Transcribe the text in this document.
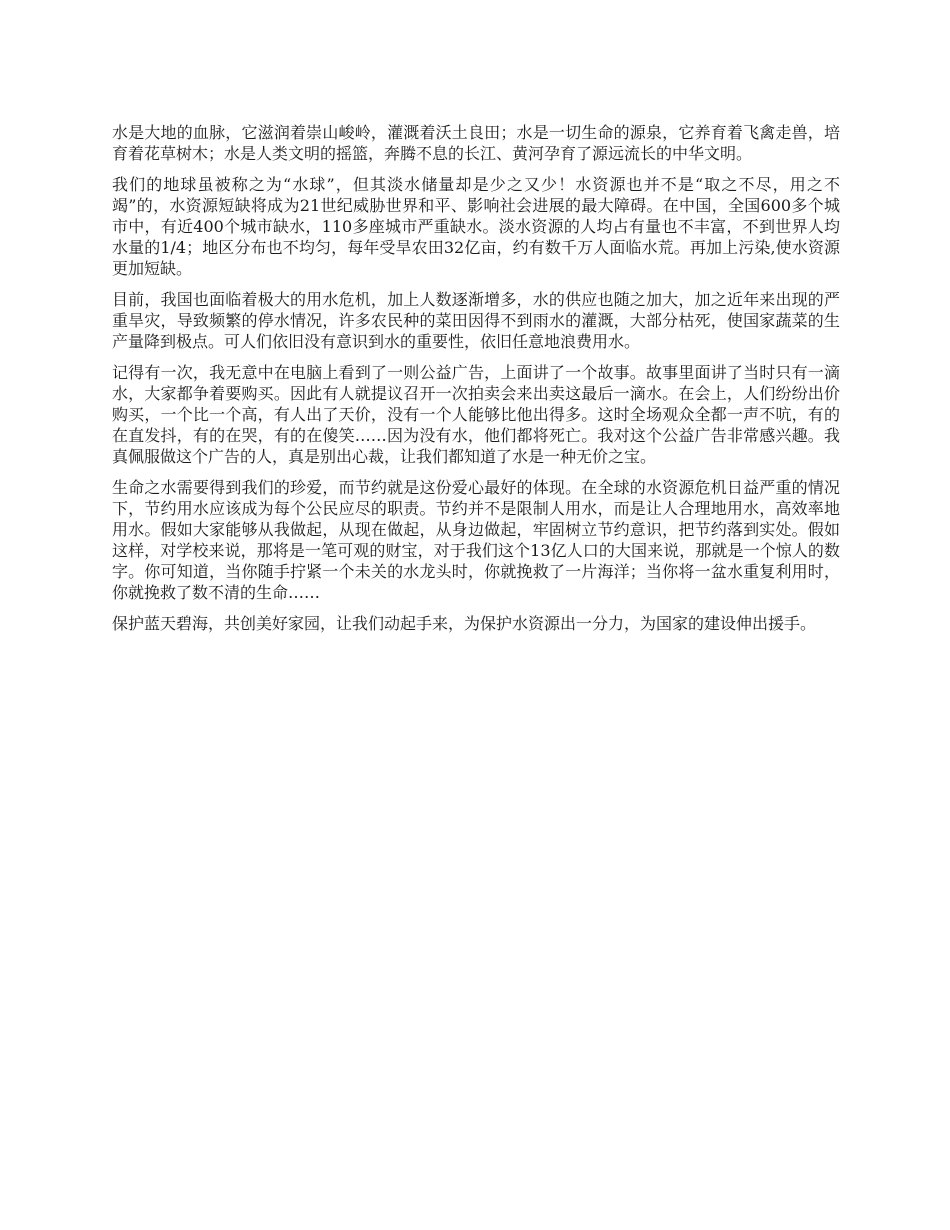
水是大地的血脉，它滋润着崇山峻岭，灌溉着沃土良田；水是一切生命的源泉，它养育着飞禽走兽，培育着花草树木；水是人类文明的摇篮，奔腾不息的长江、黄河孕育了源远流长的中华文明。

我们的地球虽被称之为“水球”，但其淡水储量却是少之又少！水资源也并不是“取之不尽，用之不竭”的，水资源短缺将成为21世纪威胁世界和平、影响社会进展的最大障碍。在中国，全国600多个城市中，有近400个城市缺水，110多座城市严重缺水。淡水资源的人均占有量也不丰富，不到世界人均水量的1/4；地区分布也不均匀，每年受旱农田32亿亩，约有数千万人面临水荒。再加上污染,使水资源更加短缺。

目前，我国也面临着极大的用水危机，加上人数逐渐增多，水的供应也随之加大，加之近年来出现的严重旱灾，导致频繁的停水情况，许多农民种的菜田因得不到雨水的灌溉，大部分枯死，使国家蔬菜的生产量降到极点。可人们依旧没有意识到水的重要性，依旧任意地浪费用水。

记得有一次，我无意中在电脑上看到了一则公益广告，上面讲了一个故事。故事里面讲了当时只有一滴水，大家都争着要购买。因此有人就提议召开一次拍卖会来出卖这最后一滴水。在会上，人们纷纷出价购买，一个比一个高，有人出了天价，没有一个人能够比他出得多。这时全场观众全都一声不吭，有的在直发抖，有的在哭，有的在傻笑……因为没有水，他们都将死亡。我对这个公益广告非常感兴趣。我真佩服做这个广告的人，真是别出心裁，让我们都知道了水是一种无价之宝。

生命之水需要得到我们的珍爱，而节约就是这份爱心最好的体现。在全球的水资源危机日益严重的情况下，节约用水应该成为每个公民应尽的职责。节约并不是限制人用水，而是让人合理地用水，高效率地用水。假如大家能够从我做起，从现在做起，从身边做起，牢固树立节约意识，把节约落到实处。假如这样，对学校来说，那将是一笔可观的财宝，对于我们这个13亿人口的大国来说，那就是一个惊人的数字。你可知道，当你随手拧紧一个未关的水龙头时，你就挽救了一片海洋；当你将一盆水重复利用时，你就挽救了数不清的生命……

保护蓝天碧海，共创美好家园，让我们动起手来，为保护水资源出一分力，为国家的建设伸出援手。
